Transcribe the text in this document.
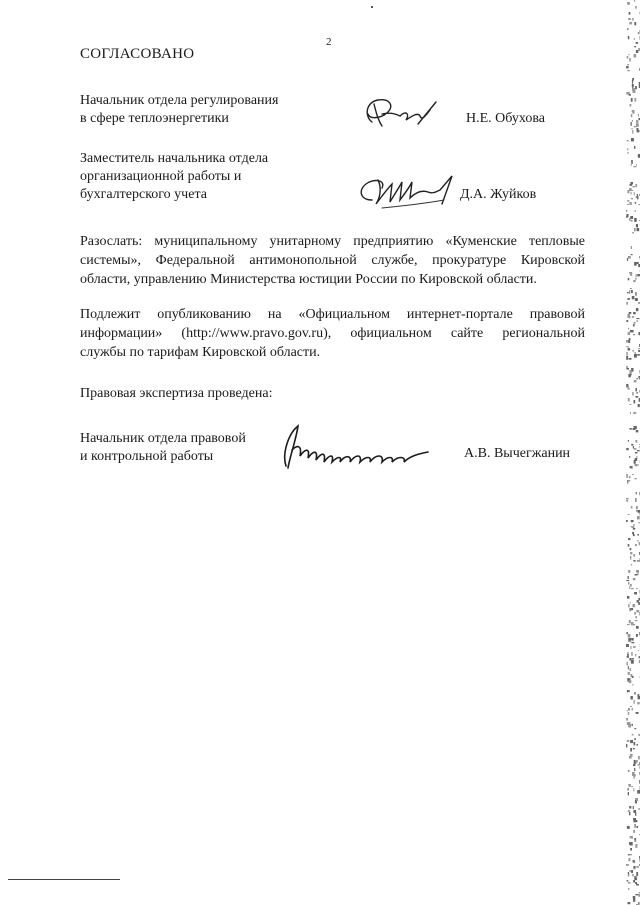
2
СОГЛАСОВАНО
Начальник отдела регулирования
в сфере теплоэнергетики	Н.Е. Обухова
Заместитель начальника отдела
организационной работы и
бухгалтерского учета	Д.А. Жуйков
Разослать: муниципальному унитарному предприятию «Куменские тепловые
системы», Федеральной антимонопольной службе, прокуратуре Кировской
области, управлению Министерства юстиции России по Кировской области.
Подлежит опубликованию на «Официальном интернет-портале правовой
информации» (http://www.pravo.gov.ru), официальном сайте региональной
службы по тарифам Кировской области.
Правовая экспертиза проведена:
Начальник отдела правовой
и контрольной работы	А.В. Вычегжанин
